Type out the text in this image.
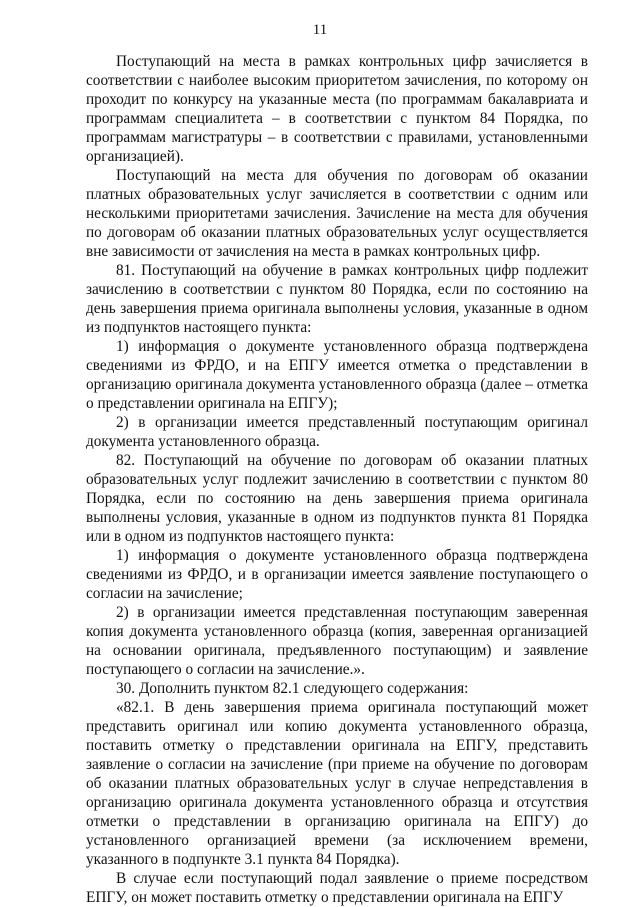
11

Поступающий на места в рамках контрольных цифр зачисляется в соответствии с наиболее высоким приоритетом зачисления, по которому он проходит по конкурсу на указанные места (по программам бакалавриата и программам специалитета – в соответствии с пунктом 84 Порядка, по программам магистратуры – в соответствии с правилами, установленными организацией).

Поступающий на места для обучения по договорам об оказании платных образовательных услуг зачисляется в соответствии с одним или несколькими приоритетами зачисления. Зачисление на места для обучения по договорам об оказании платных образовательных услуг осуществляется вне зависимости от зачисления на места в рамках контрольных цифр.

81. Поступающий на обучение в рамках контрольных цифр подлежит зачислению в соответствии с пунктом 80 Порядка, если по состоянию на день завершения приема оригинала выполнены условия, указанные в одном из подпунктов настоящего пункта:

1) информация о документе установленного образца подтверждена сведениями из ФРДО, и на ЕПГУ имеется отметка о представлении в организацию оригинала документа установленного образца (далее – отметка о представлении оригинала на ЕПГУ);

2) в организации имеется представленный поступающим оригинал документа установленного образца.

82. Поступающий на обучение по договорам об оказании платных образовательных услуг подлежит зачислению в соответствии с пунктом 80 Порядка, если по состоянию на день завершения приема оригинала выполнены условия, указанные в одном из подпунктов пункта 81 Порядка или в одном из подпунктов настоящего пункта:

1) информация о документе установленного образца подтверждена сведениями из ФРДО, и в организации имеется заявление поступающего о согласии на зачисление;

2) в организации имеется представленная поступающим заверенная копия документа установленного образца (копия, заверенная организацией на основании оригинала, предъявленного поступающим) и заявление поступающего о согласии на зачисление.».

30. Дополнить пунктом 82.1 следующего содержания:

«82.1. В день завершения приема оригинала поступающий может представить оригинал или копию документа установленного образца, поставить отметку о представлении оригинала на ЕПГУ, представить заявление о согласии на зачисление (при приеме на обучение по договорам об оказании платных образовательных услуг в случае непредставления в организацию оригинала документа установленного образца и отсутствия отметки о представлении в организацию оригинала на ЕПГУ) до установленного организацией времени (за исключением времени, указанного в подпункте 3.1 пункта 84 Порядка).

В случае если поступающий подал заявление о приеме посредством ЕПГУ, он может поставить отметку о представлении оригинала на ЕПГУ
